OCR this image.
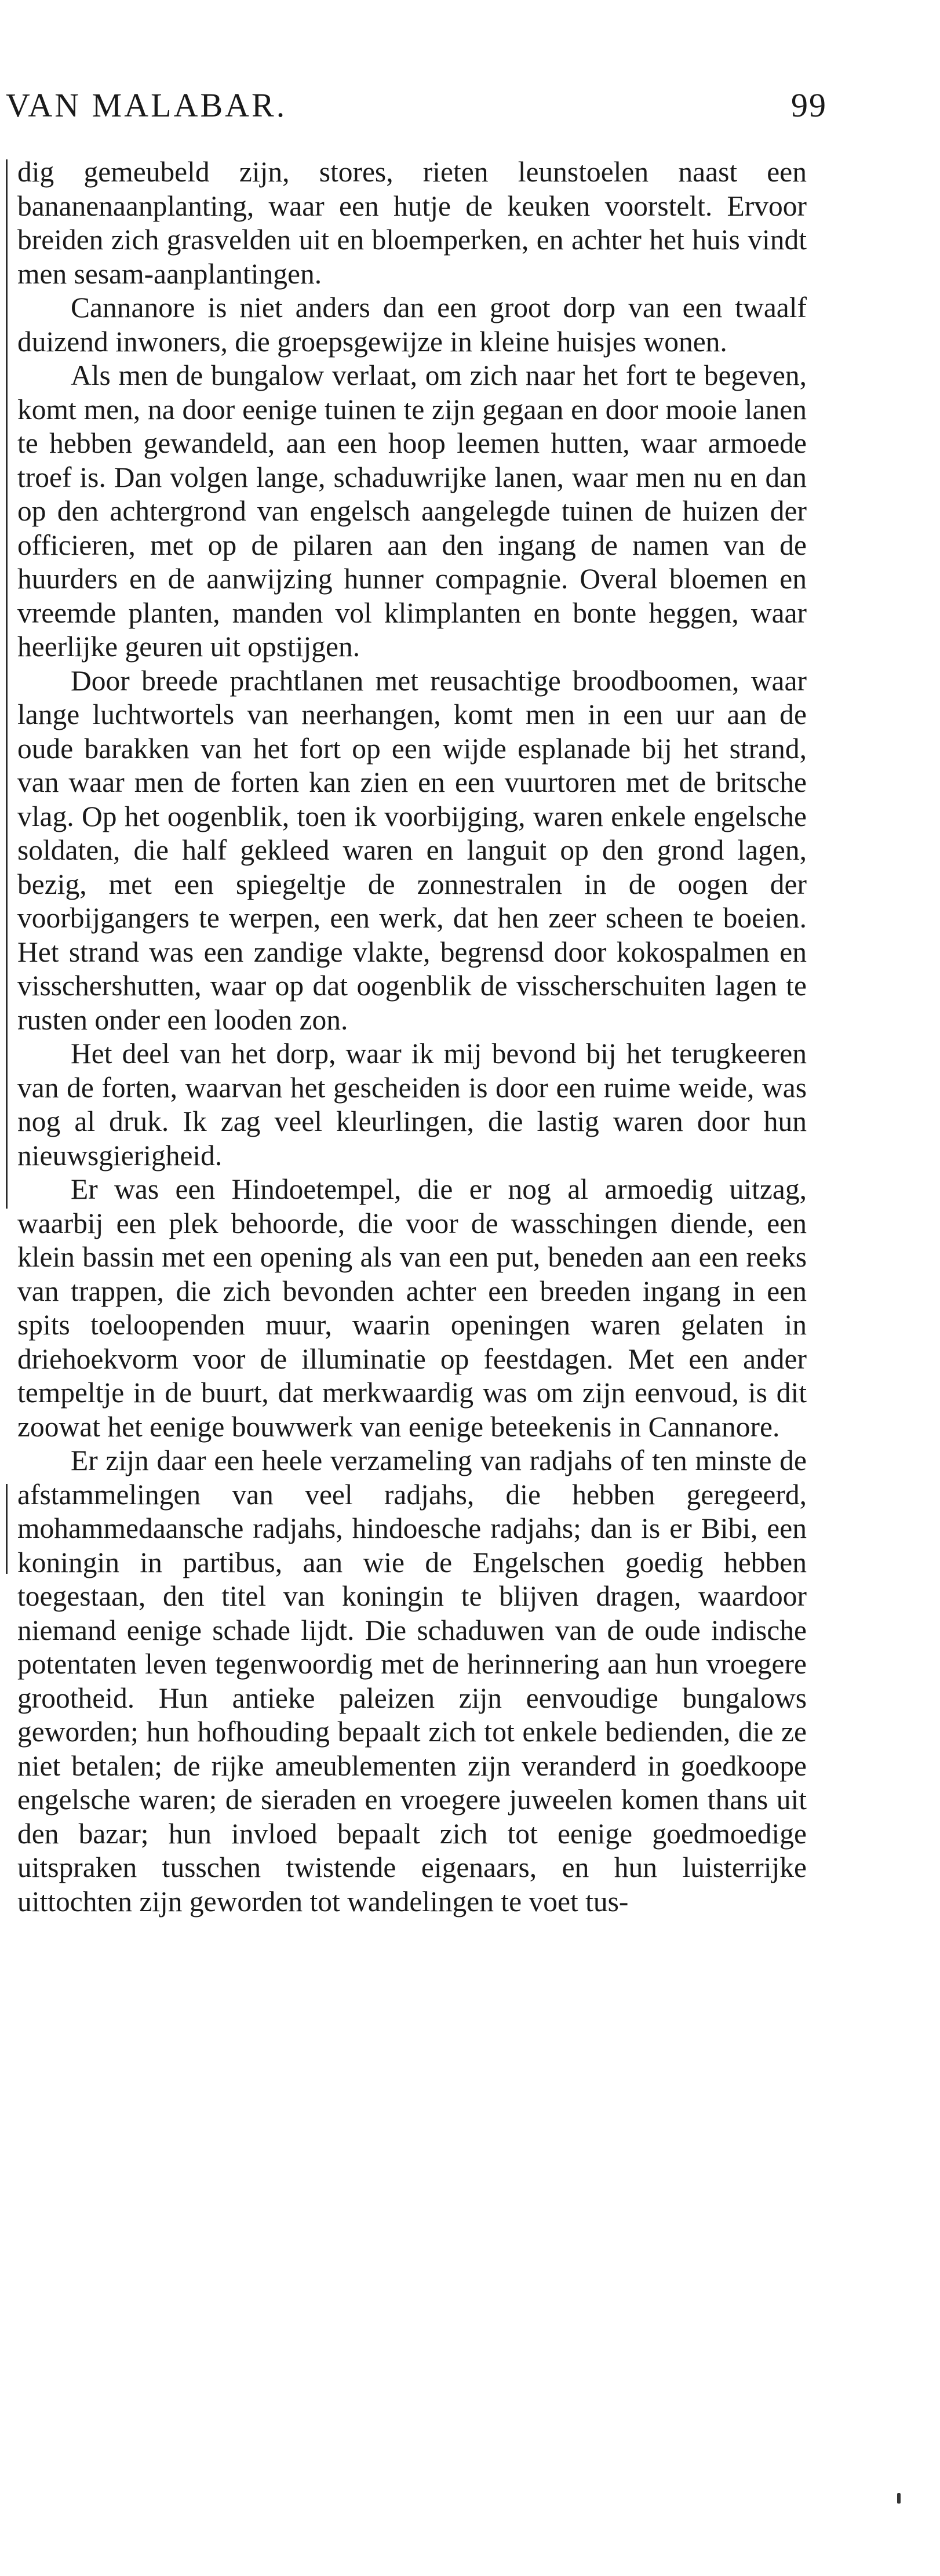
VAN MALABAR.	99

dig gemeubeld zijn, stores, rieten leunstoelen naast een bananenaanplanting, waar een hutje de keuken voorstelt. Ervoor breiden zich grasvelden uit en bloemperken, en achter het huis vindt men sesam-aanplantingen.

Cannanore is niet anders dan een groot dorp van een twaalf duizend inwoners, die groepsgewijze in kleine huisjes wonen.

Als men de bungalow verlaat, om zich naar het fort te begeven, komt men, na door eenige tuinen te zijn gegaan en door mooie lanen te hebben gewandeld, aan een hoop leemen hutten, waar armoede troef is. Dan volgen lange, schaduwrijke lanen, waar men nu en dan op den achtergrond van engelsch aangelegde tuinen de huizen der officieren, met op de pilaren aan den ingang de namen van de huurders en de aanwijzing hunner compagnie. Overal bloemen en vreemde planten, manden vol klimplanten en bonte heggen, waar heerlijke geuren uit opstijgen.

Door breede prachtlanen met reusachtige broodboomen, waar lange luchtwortels van neerhangen, komt men in een uur aan de oude barakken van het fort op een wijde esplanade bij het strand, van waar men de forten kan zien en een vuurtoren met de britsche vlag. Op het oogenblik, toen ik voorbijging, waren enkele engelsche soldaten, die half gekleed waren en languit op den grond lagen, bezig, met een spiegeltje de zonnestralen in de oogen der voorbijgangers te werpen, een werk, dat hen zeer scheen te boeien. Het strand was een zandige vlakte, begrensd door kokospalmen en visschershutten, waar op dat oogenblik de visscherschuiten lagen te rusten onder een looden zon.

Het deel van het dorp, waar ik mij bevond bij het terugkeeren van de forten, waarvan het gescheiden is door een ruime weide, was nog al druk. Ik zag veel kleurlingen, die lastig waren door hun nieuwsgierigheid.

Er was een Hindoetempel, die er nog al armoedig uitzag, waarbij een plek behoorde, die voor de wasschingen diende, een klein bassin met een opening als van een put, beneden aan een reeks van trappen, die zich bevonden achter een breeden ingang in een spits toeloopenden muur, waarin openingen waren gelaten in driehoekvorm voor de illuminatie op feestdagen. Met een ander tempeltje in de buurt, dat merkwaardig was om zijn eenvoud, is dit zoowat het eenige bouwwerk van eenige beteekenis in Cannanore.

Er zijn daar een heele verzameling van radjahs of ten minste de afstammelingen van veel radjahs, die hebben geregeerd, mohammedaansche radjahs, hindoesche radjahs; dan is er Bibi, een koningin in partibus, aan wie de Engelschen goedig hebben toegestaan, den titel van koningin te blijven dragen, waardoor niemand eenige schade lijdt. Die schaduwen van de oude indische potentaten leven tegenwoordig met de herinnering aan hun vroegere grootheid. Hun antieke paleizen zijn eenvoudige bungalows geworden; hun hofhouding bepaalt zich tot enkele bedienden, die ze niet betalen; de rijke ameublementen zijn veranderd in goedkoope engelsche waren; de sieraden en vroegere juweelen komen thans uit den bazar; hun invloed bepaalt zich tot eenige goedmoedige uitspraken tusschen twistende eigenaars, en hun luisterrijke uittochten zijn geworden tot wandelingen te voet tus-
